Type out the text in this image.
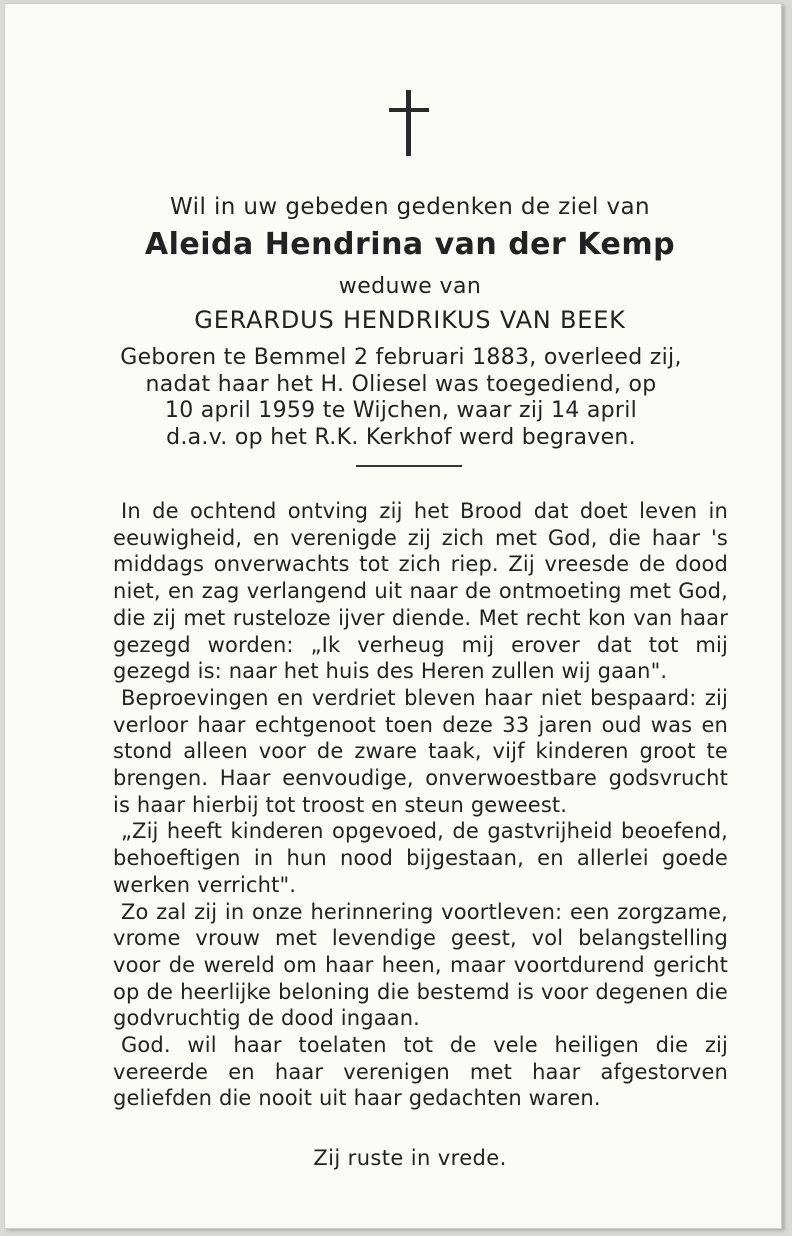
Wil in uw gebeden gedenken de ziel van
Aleida Hendrina van der Kemp
weduwe van
GERARDUS HENDRIKUS VAN BEEK
Geboren te Bemmel 2 februari 1883, overleed zij,
nadat haar het H. Oliesel was toegediend, op
10 april 1959 te Wijchen, waar zij 14 april
d.a.v. op het R.K. Kerkhof werd begraven.

In de ochtend ontving zij het Brood dat doet leven in eeuwigheid, en verenigde zij zich met God, die haar 's middags onverwachts tot zich riep. Zij vreesde de dood niet, en zag verlangend uit naar de ontmoeting met God, die zij met rusteloze ijver diende. Met recht kon van haar gezegd worden: „Ik verheug mij erover dat tot mij gezegd is: naar het huis des Heren zullen wij gaan".

Beproevingen en verdriet bleven haar niet bespaard: zij verloor haar echtgenoot toen deze 33 jaren oud was en stond alleen voor de zware taak, vijf kinderen groot te brengen. Haar eenvoudige, onverwoestbare godsvrucht is haar hierbij tot troost en steun geweest.

„Zij heeft kinderen opgevoed, de gastvrijheid beoefend, behoeftigen in hun nood bijgestaan, en allerlei goede werken verricht".

Zo zal zij in onze herinnering voortleven: een zorgzame, vrome vrouw met levendige geest, vol belangstelling voor de wereld om haar heen, maar voortdurend gericht op de heerlijke beloning die bestemd is voor degenen die godvruchtig de dood ingaan.

God. wil haar toelaten tot de vele heiligen die zij vereerde en haar verenigen met haar afgestorven geliefden die nooit uit haar gedachten waren.

Zij ruste in vrede.
